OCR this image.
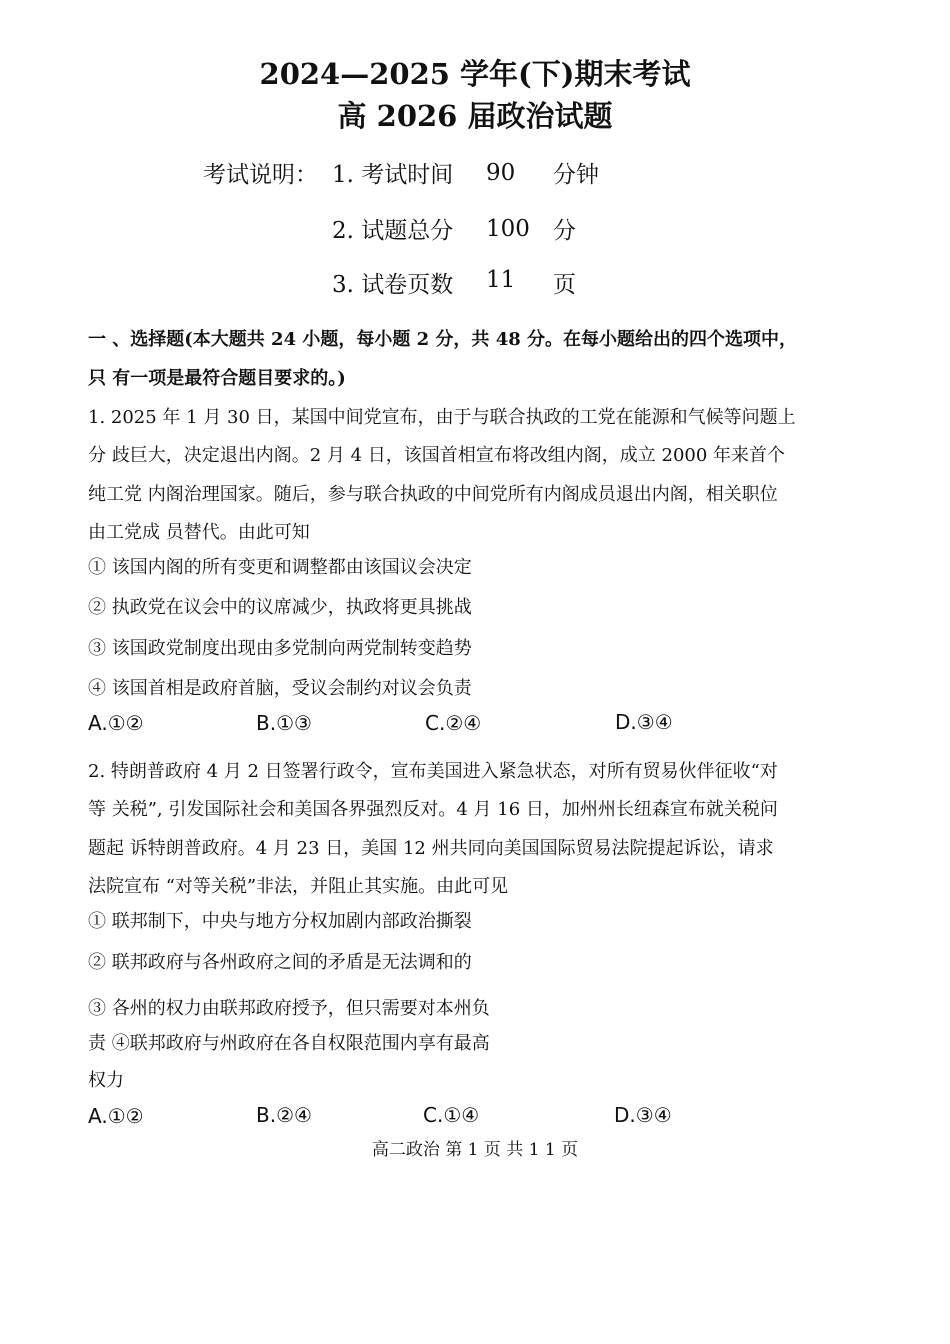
2024—2025 学年(下)期末考试
高 2026 届政治试题
考试说明： 1. 考试时间 90 分钟
2. 试题总分 100 分
3. 试卷页数 11 页
一 、选择题(本大题共 24 小题，每小题 2 分，共 48 分。在每小题给出的四个选项中，
只 有一项是最符合题目要求的。)
1. 2025 年 1 月 30 日，某国中间党宣布，由于与联合执政的工党在能源和气候等问题上
分 歧巨大，决定退出内阁。2 月 4 日，该国首相宣布将改组内阁，成立 2000 年来首个
纯工党 内阁治理国家。随后，参与联合执政的中间党所有内阁成员退出内阁，相关职位
由工党成 员替代。由此可知
① 该国内阁的所有变更和调整都由该国议会决定
② 执政党在议会中的议席减少，执政将更具挑战
③ 该国政党制度出现由多党制向两党制转变趋势
④ 该国首相是政府首脑，受议会制约对议会负责
A.①②	B.①③	C.②④	D.③④
2. 特朗普政府 4 月 2 日签署行政令，宣布美国进入紧急状态，对所有贸易伙伴征收“对
等 关税”, 引发国际社会和美国各界强烈反对。4 月 16 日，加州州长纽森宣布就关税问
题起 诉特朗普政府。4 月 23 日，美国 12 州共同向美国国际贸易法院提起诉讼，请求
法院宣布 “对等关税”非法，并阻止其实施。由此可见
① 联邦制下，中央与地方分权加剧内部政治撕裂
② 联邦政府与各州政府之间的矛盾是无法调和的
③ 各州的权力由联邦政府授予，但只需要对本州负
责 ④联邦政府与州政府在各自权限范围内享有最高
权力
A.①②	B.②④	C.①④	D.③④
高二政治 第 1 页 共 1 1 页
